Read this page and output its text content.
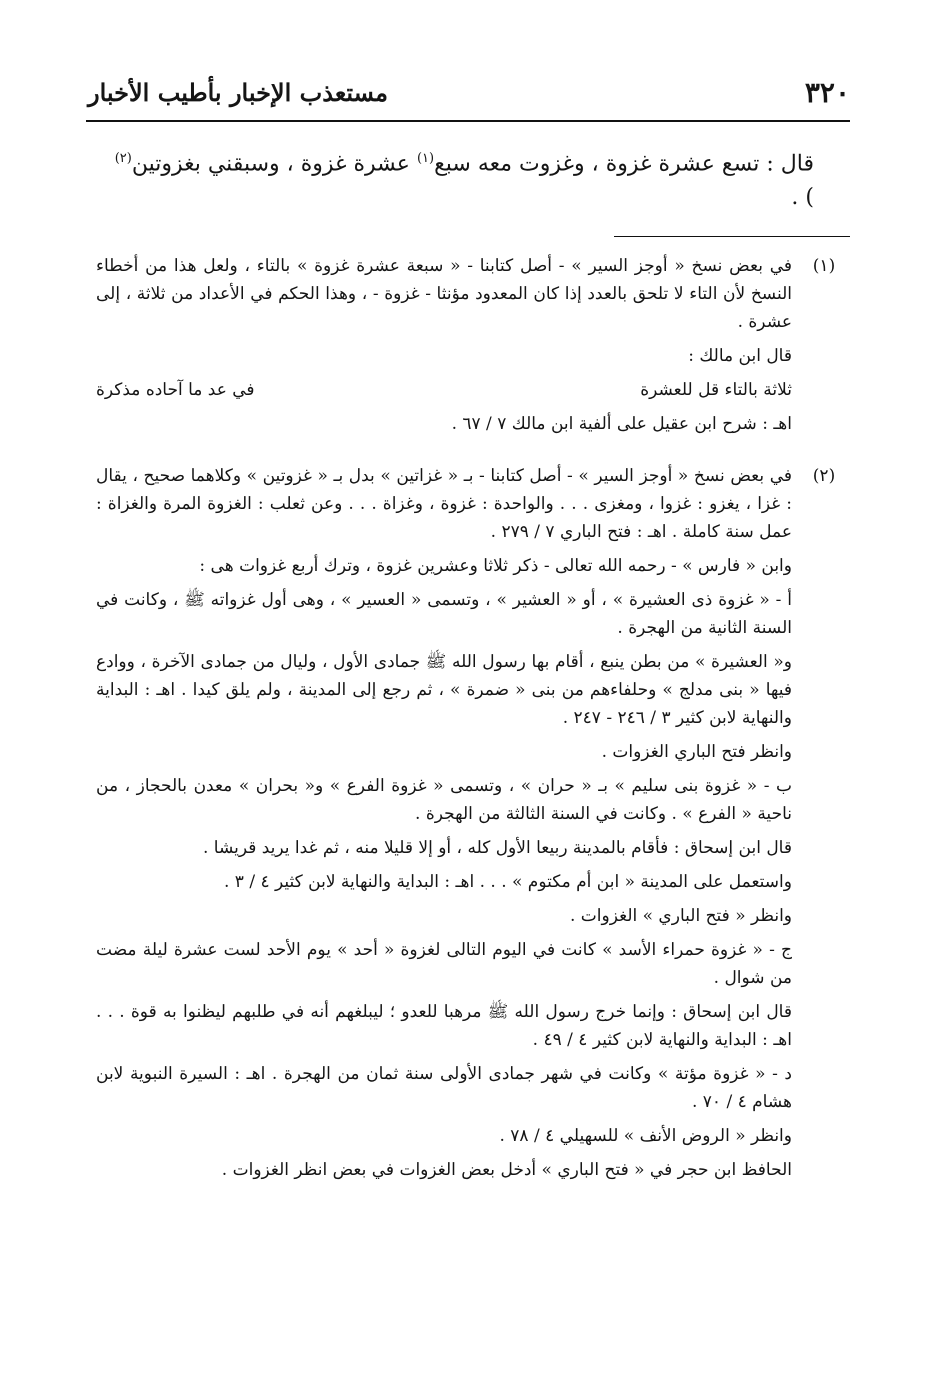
٣٢٠
مستعذب الإخبار بأطيب الأخبار
قال : تسع عشرة غزوة ، وغزوت معه سبع$^{(١)}$ عشرة غزوة ، وسبقني بغزوتين$^{(٢)}$ ) .
(١)

في بعض نسخ « أوجز السير » - أصل كتابنا - « سبعة عشرة غزوة » بالتاء ، ولعل هذا من أخطاء النسخ لأن التاء لا تلحق بالعدد إذا كان المعدود مؤنثا - غزوة - ، وهذا الحكم في الأعداد من ثلاثة ، إلى عشرة .

قال ابن مالك :

ثلاثة بالتاء قل للعشرة
في عد ما آحاده مذكرة

اهـ : شرح ابن عقيل على ألفية ابن مالك ٧ / ٦٧ .

(٢)

في بعض نسخ « أوجز السير » - أصل كتابنا - بـ « غزاتين » بدل بـ « غزوتين » وكلاهما صحيح ، يقال : غزا ، يغزو : غزوا ، ومغزى . . . والواحدة : غزوة ، وغزاة . . . وعن ثعلب : الغزوة المرة والغزاة : عمل سنة كاملة . اهـ : فتح الباري ٧ / ٢٧٩ .

وابن « فارس » - رحمه الله تعالى - ذكر ثلاثا وعشرين غزوة ، وترك أربع غزوات هى :

أ - « غزوة ذى العشيرة » ، أو « العشير » ، وتسمى « العسير » ، وهى أول غزواته ﷺ ، وكانت في السنة الثانية من الهجرة .

و« العشيرة » من بطن ينبع ، أقام بها رسول الله ﷺ جمادى الأول ، وليال من جمادى الآخرة ، ووادع فيها « بنى مدلج » وحلفاءهم من بنى « ضمرة » ، ثم رجع إلى المدينة ، ولم يلق كيدا . اهـ : البداية والنهاية لابن كثير ٣ / ٢٤٦ - ٢٤٧ .

وانظر فتح الباري الغزوات .

ب - « غزوة بنى سليم » بـ « حران » ، وتسمى « غزوة الفرع » و« بحران » معدن بالحجاز ، من ناحية « الفرع » . وكانت في السنة الثالثة من الهجرة .

قال ابن إسحاق : فأقام بالمدينة ربيعا الأول كله ، أو إلا قليلا منه ، ثم غدا يريد قريشا .

واستعمل على المدينة « ابن أم مكتوم » . . . اهـ : البداية والنهاية لابن كثير ٤ / ٣ .

وانظر « فتح الباري » الغزوات .

ج - « غزوة حمراء الأسد » كانت في اليوم التالى لغزوة « أحد » يوم الأحد لست عشرة ليلة مضت من شوال .

قال ابن إسحاق : وإنما خرج رسول الله ﷺ مرهبا للعدو ؛ ليبلغهم أنه في طلبهم ليظنوا به قوة . . . اهـ : البداية والنهاية لابن كثير ٤ / ٤٩ .

د - « غزوة مؤتة » وكانت في شهر جمادى الأولى سنة ثمان من الهجرة . اهـ : السيرة النبوية لابن هشام ٤ / ٧٠ .

وانظر « الروض الأنف » للسهيلي ٤ / ٧٨ .

الحافظ ابن حجر في « فتح الباري » أدخل بعض الغزوات في بعض انظر الغزوات .
